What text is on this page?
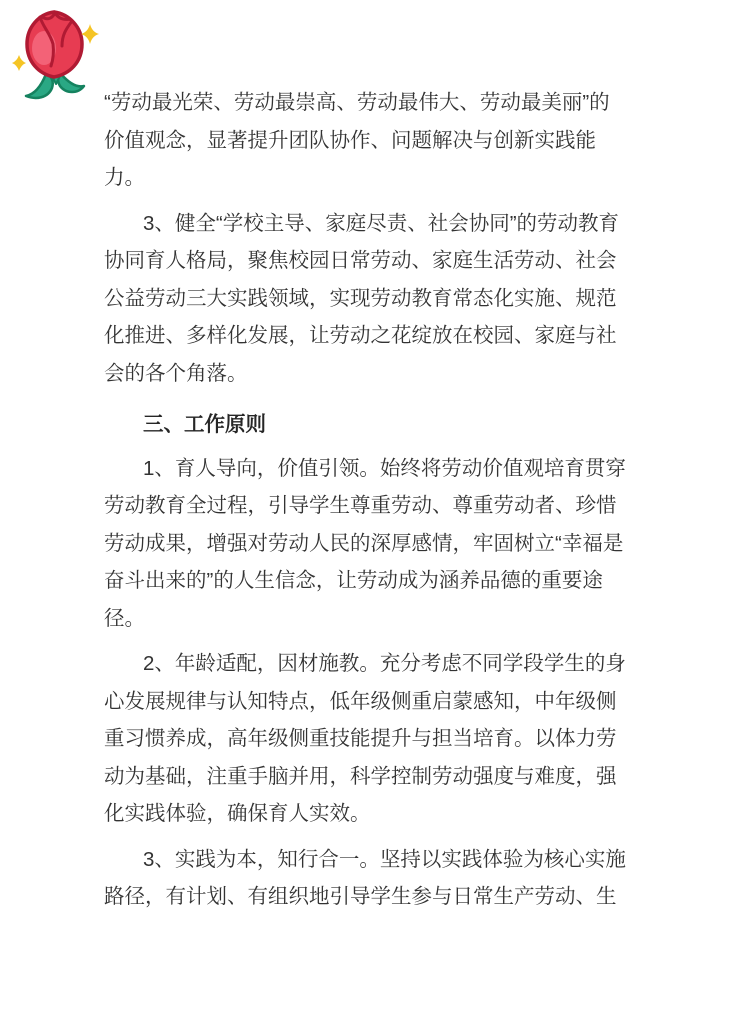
“劳动最光荣、劳动最崇高、劳动最伟大、劳动最美丽”的
价值观念，显著提升团队协作、问题解决与创新实践能
力。

3、健全“学校主导、家庭尽责、社会协同”的劳动教育
协同育人格局，聚焦校园日常劳动、家庭生活劳动、社会
公益劳动三大实践领域，实现劳动教育常态化实施、规范
化推进、多样化发展，让劳动之花绽放在校园、家庭与社
会的各个角落。

三、工作原则

1、育人导向，价值引领。始终将劳动价值观培育贯穿
劳动教育全过程，引导学生尊重劳动、尊重劳动者、珍惜
劳动成果，增强对劳动人民的深厚感情，牢固树立“幸福是
奋斗出来的”的人生信念，让劳动成为涵养品德的重要途
径。

2、年龄适配，因材施教。充分考虑不同学段学生的身
心发展规律与认知特点，低年级侧重启蒙感知，中年级侧
重习惯养成，高年级侧重技能提升与担当培育。以体力劳
动为基础，注重手脑并用，科学控制劳动强度与难度，强
化实践体验，确保育人实效。

3、实践为本，知行合一。坚持以实践体验为核心实施
路径，有计划、有组织地引导学生参与日常生产劳动、生
